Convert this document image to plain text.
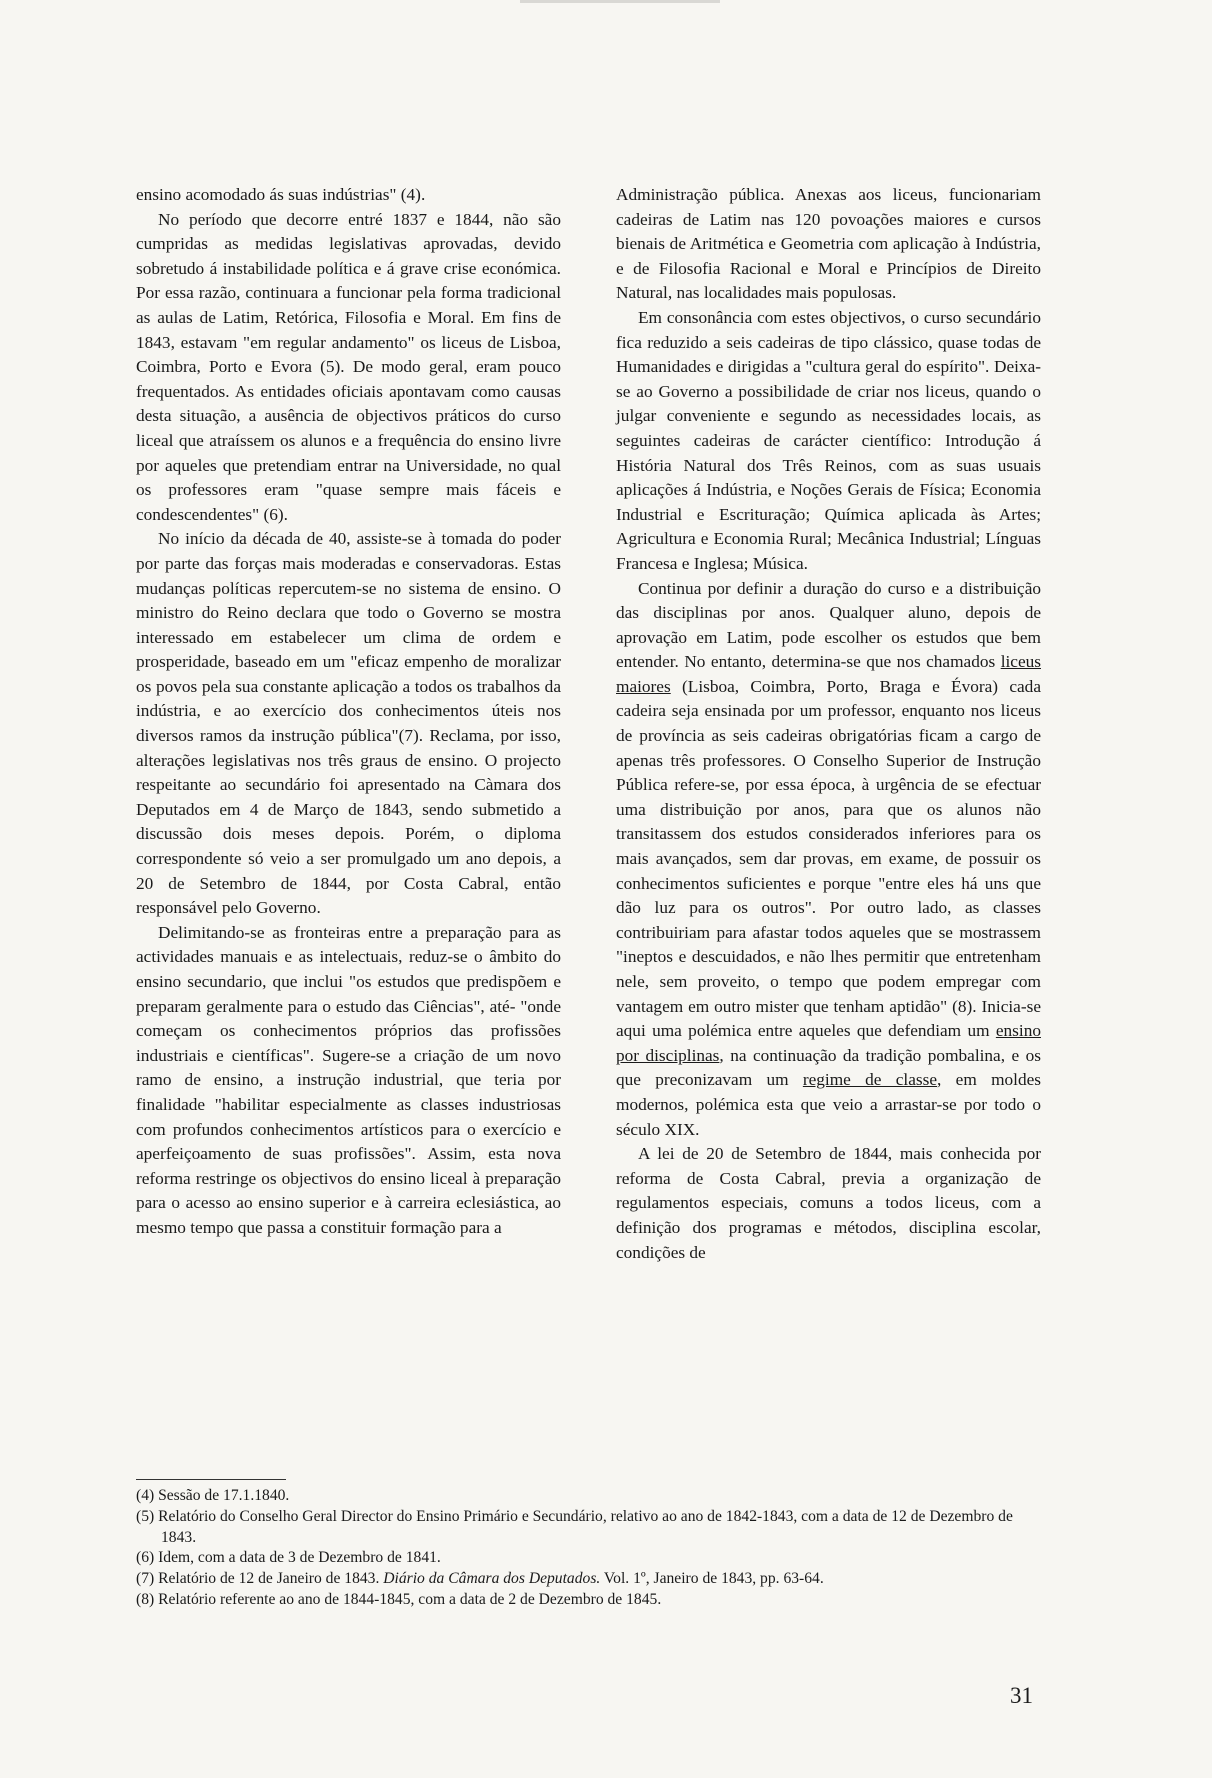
ensino acomodado ás suas indústrias" (4).

No período que decorre entré 1837 e 1844, não são cumpridas as medidas legislativas aprovadas, devido sobretudo á instabilidade política e á grave crise económica. Por essa razão, continuara a funcionar pela forma tradicional as aulas de Latim, Retórica, Filosofia e Moral. Em fins de 1843, estavam "em regular andamento" os liceus de Lisboa, Coimbra, Porto e Evora (5). De modo geral, eram pouco frequentados. As entidades oficiais apontavam como causas desta situação, a ausência de objectivos práticos do curso liceal que atraíssem os alunos e a frequência do ensino livre por aqueles que pretendiam entrar na Universidade, no qual os professores eram "quase sempre mais fáceis e condescendentes" (6).

No início da década de 40, assiste-se à tomada do poder por parte das forças mais moderadas e conservadoras. Estas mudanças políticas repercutem-se no sistema de ensino. O ministro do Reino declara que todo o Governo se mostra interessado em estabelecer um clima de ordem e prosperidade, baseado em um "eficaz empenho de moralizar os povos pela sua constante aplicação a todos os trabalhos da indústria, e ao exercício dos conhecimentos úteis nos diversos ramos da instrução pública"(7). Reclama, por isso, alterações legislativas nos três graus de ensino. O projecto respeitante ao secundário foi apresentado na Càmara dos Deputados em 4 de Março de 1843, sendo submetido a discussão dois meses depois. Porém, o diploma correspondente só veio a ser promulgado um ano depois, a 20 de Setembro de 1844, por Costa Cabral, então responsável pelo Governo.

Delimitando-se as fronteiras entre a preparação para as actividades manuais e as intelectuais, reduz-se o âmbito do ensino secundario, que inclui "os estudos que predispõem e preparam geralmente para o estudo das Ciências", até- "onde começam os conhecimentos próprios das profissões industriais e científicas". Sugere-se a criação de um novo ramo de ensino, a instrução industrial, que teria por finalidade "habilitar especialmente as classes industriosas com profundos conhecimentos artísticos para o exercício e aperfeiçoamento de suas profissões". Assim, esta nova reforma restringe os objectivos do ensino liceal à preparação para o acesso ao ensino superior e à carreira eclesiástica, ao mesmo tempo que passa a constituir formação para a

Administração pública. Anexas aos liceus, funcionariam cadeiras de Latim nas 120 povoações maiores e cursos bienais de Aritmética e Geometria com aplicação à Indústria, e de Filosofia Racional e Moral e Princípios de Direito Natural, nas localidades mais populosas.

Em consonância com estes objectivos, o curso secundário fica reduzido a seis cadeiras de tipo clássico, quase todas de Humanidades e dirigidas a "cultura geral do espírito". Deixa-se ao Governo a possibilidade de criar nos liceus, quando o julgar conveniente e segundo as necessidades locais, as seguintes cadeiras de carácter científico: Introdução á História Natural dos Três Reinos, com as suas usuais aplicações á Indústria, e Noções Gerais de Física; Economia Industrial e Escrituração; Química aplicada às Artes; Agricultura e Economia Rural; Mecânica Industrial; Línguas Francesa e Inglesa; Música.

Continua por definir a duração do curso e a distribuição das disciplinas por anos. Qualquer aluno, depois de aprovação em Latim, pode escolher os estudos que bem entender. No entanto, determina-se que nos chamados liceus maiores (Lisboa, Coimbra, Porto, Braga e Évora) cada cadeira seja ensinada por um professor, enquanto nos liceus de província as seis cadeiras obrigatórias ficam a cargo de apenas três professores. O Conselho Superior de Instrução Pública refere-se, por essa época, à urgência de se efectuar uma distribuição por anos, para que os alunos não transitassem dos estudos considerados inferiores para os mais avançados, sem dar provas, em exame, de possuir os conhecimentos suficientes e porque "entre eles há uns que dão luz para os outros". Por outro lado, as classes contribuiriam para afastar todos aqueles que se mostrassem "ineptos e descuidados, e não lhes permitir que entretenham nele, sem proveito, o tempo que podem empregar com vantagem em outro mister que tenham aptidão" (8). Inicia-se aqui uma polémica entre aqueles que defendiam um ensino por disciplinas, na continuação da tradição pombalina, e os que preconizavam um regime de classe, em moldes modernos, polémica esta que veio a arrastar-se por todo o século XIX.

A lei de 20 de Setembro de 1844, mais conhecida por reforma de Costa Cabral, previa a organização de regulamentos especiais, comuns a todos liceus, com a definição dos programas e métodos, disciplina escolar, condições de

(4) Sessão de 17.1.1840.

(5) Relatório do Conselho Geral Director do Ensino Primário e Secundário, relativo ao ano de 1842-1843, com a data de 12 de Dezembro de 1843.

(6) Idem, com a data de 3 de Dezembro de 1841.

(7) Relatório de 12 de Janeiro de 1843. Diário da Câmara dos Deputados. Vol. 1º, Janeiro de 1843, pp. 63-64.

(8) Relatório referente ao ano de 1844-1845, com a data de 2 de Dezembro de 1845.

31
